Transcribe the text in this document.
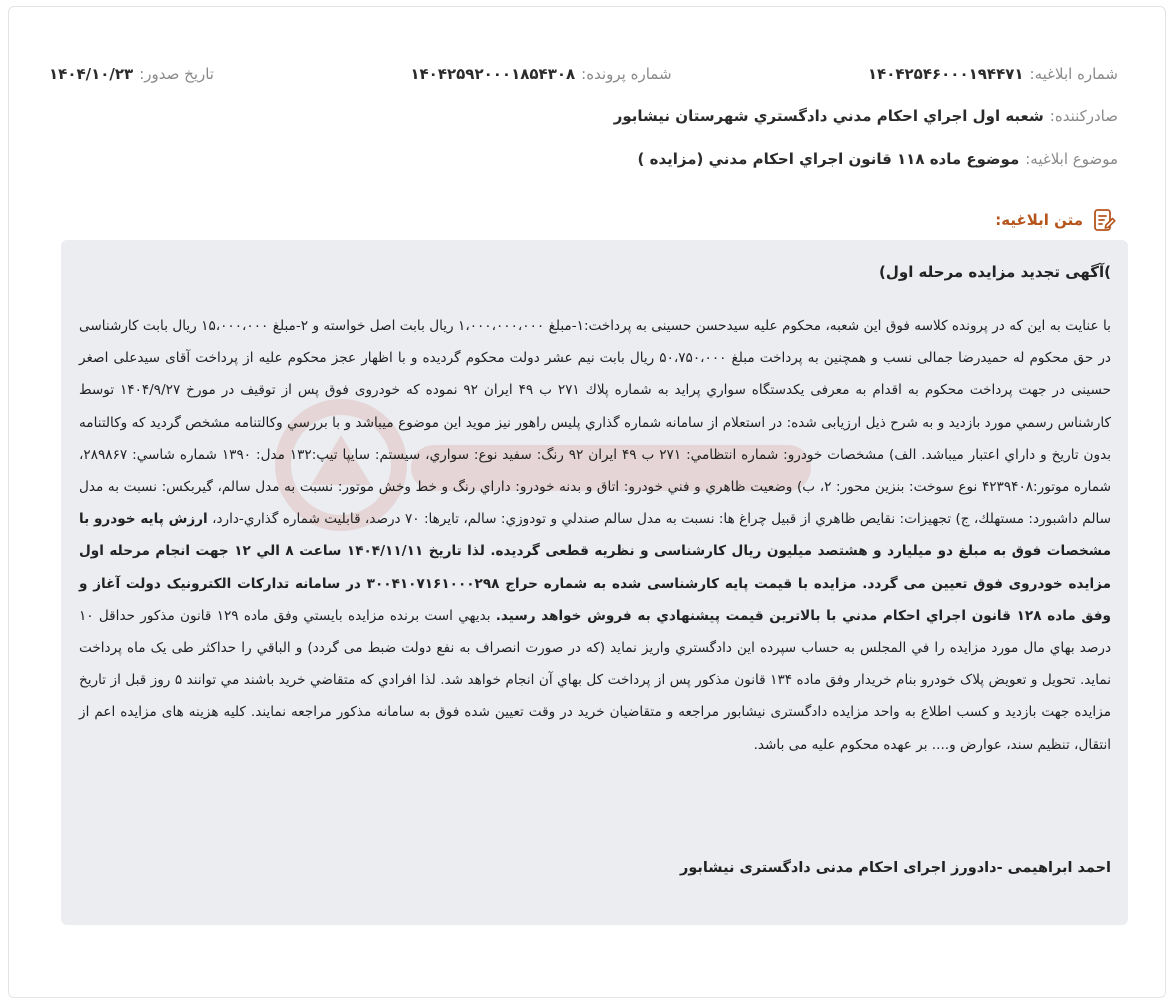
شماره ابلاغيه:
۱۴۰۴۲۵۴۶۰۰۰۱۹۴۴۷۱
شماره پرونده:
۱۴۰۴۲۵۹۲۰۰۰۱۸۵۴۳۰۸
تاريخ صدور:
۱۴۰۴/۱۰/۲۳
صادرکننده:
شعبه اول اجراي احكام مدني دادگستري شهرستان نيشابور
موضوع ابلاغيه:
موضوع ماده ۱۱۸ قانون اجراي احكام مدني (مزايده )
متن ابلاغيه:
)آگهی تجدید مزایده مرحله اول)
با عنايت به اين كه در پرونده كلاسه فوق اين شعبه، محکوم علیه سیدحسن حسینی به پرداخت:۱-مبلغ ۱،۰۰۰،۰۰۰،۰۰۰ ریال بابت اصل خواسته و ۲-مبلغ ۱۵،۰۰۰،۰۰۰ ریال بابت كارشناسی در حق محکوم له حمیدرضا جمالی نسب و همچنین به پرداخت مبلغ ۵۰،۷۵۰،۰۰۰ ریال بابت نیم عشر دولت محكوم گرديده و با اظهار عجز محكوم عليه از پرداخت آقای سیدعلی اصغر حسینی در جهت پرداخت محكوم به اقدام به معرفی يكدستگاه سواري پرايد به شماره پلاك ۲۷۱ ب ۴۹ ايران ۹۲ نموده كه خودروی فوق پس از توقیف در مورخ ۱۴۰۴/۹/۲۷ توسط كارشناس رسمي مورد بازديد و به شرح ذيل ارزيابی شده: در استعلام از سامانه شماره گذاري پلیس راهور نيز مويد اين موضوع ميباشد و با بررسي وكالتنامه مشخص گرديد كه وكالتنامه بدون تاريخ و داراي اعتبار ميباشد. الف) مشخصات خودرو: شماره انتظامي: ۲۷۱ ب ۴۹ ایران ۹۲ رنگ: سفيد نوع: سواري، سيستم: سايپا تيپ:۱۳۲ مدل: ۱۳۹۰ شماره شاسي: ۲۸۹۸۶۷، شماره موتور:۴۲۳۹۴۰۸ نوع سوخت: بنزين محور: ۲، ب) وضعيت ظاهري و فني خودرو: اتاق و بدنه خودرو: داراي رنگ و خط وخش موتور: نسبت به مدل سالم، گيربكس: نسبت به مدل سالم داشبورد: مستهلك، ج) تجهيزات: نقايص ظاهري از قبيل چراغ ها: نسبت به مدل سالم صندلي و تودوزي: سالم، تايرها: ۷۰ درصد، قابليت شماره گذاري-دارد، ارزش پايه خودرو با مشخصات فوق به مبلغ دو ميليارد و هشتصد ميليون ريال كارشناسی و نظريه قطعی گرديده. لذا تاريخ ۱۴۰۴/۱۱/۱۱ ساعت ۸ الي ۱۲ جهت انجام مرحله اول مزايده خودروی فوق تعيين می گردد. مزايده با قيمت پايه كارشناسی شده به شماره حراج ۳۰۰۴۱۰۷۱۶۱۰۰۰۲۹۸ در سامانه تداركات الكترونيک دولت آغاز و وفق ماده ۱۲۸ قانون اجراي احكام مدني با بالاترين قيمت پيشنهادي به فروش خواهد رسيد. بديهي است برنده مزايده بايستي وفق ماده ۱۲۹ قانون مذكور حداقل ۱۰ درصد بهاي مال مورد مزايده را في المجلس به حساب سپرده اين دادگستري واريز نمايد (كه در صورت انصراف به نفع دولت ضبط می گردد) و الباقي را حداكثر طی يک ماه پرداخت نمايد. تحويل و تعويض پلاک خودرو بنام خريدار وفق ماده ۱۳۴ قانون مذكور پس از پرداخت كل بهاي آن انجام خواهد شد. لذا افرادي كه متقاضي خريد باشند مي توانند ۵ روز قبل از تاريخ مزايده جهت بازديد و کسب اطلاع به واحد مزايده دادگستری نيشابور مراجعه و متقاضيان خريد در وقت تعيين شده فوق به سامانه مذكور مراجعه نمايند. كليه هزينه های مزايده اعم از انتقال، تنظيم سند، عوارض و.... بر عهده محكوم عليه می باشد.
احمد ابراهیمی -دادورز اجرای احکام مدنی دادگستری نیشابور
